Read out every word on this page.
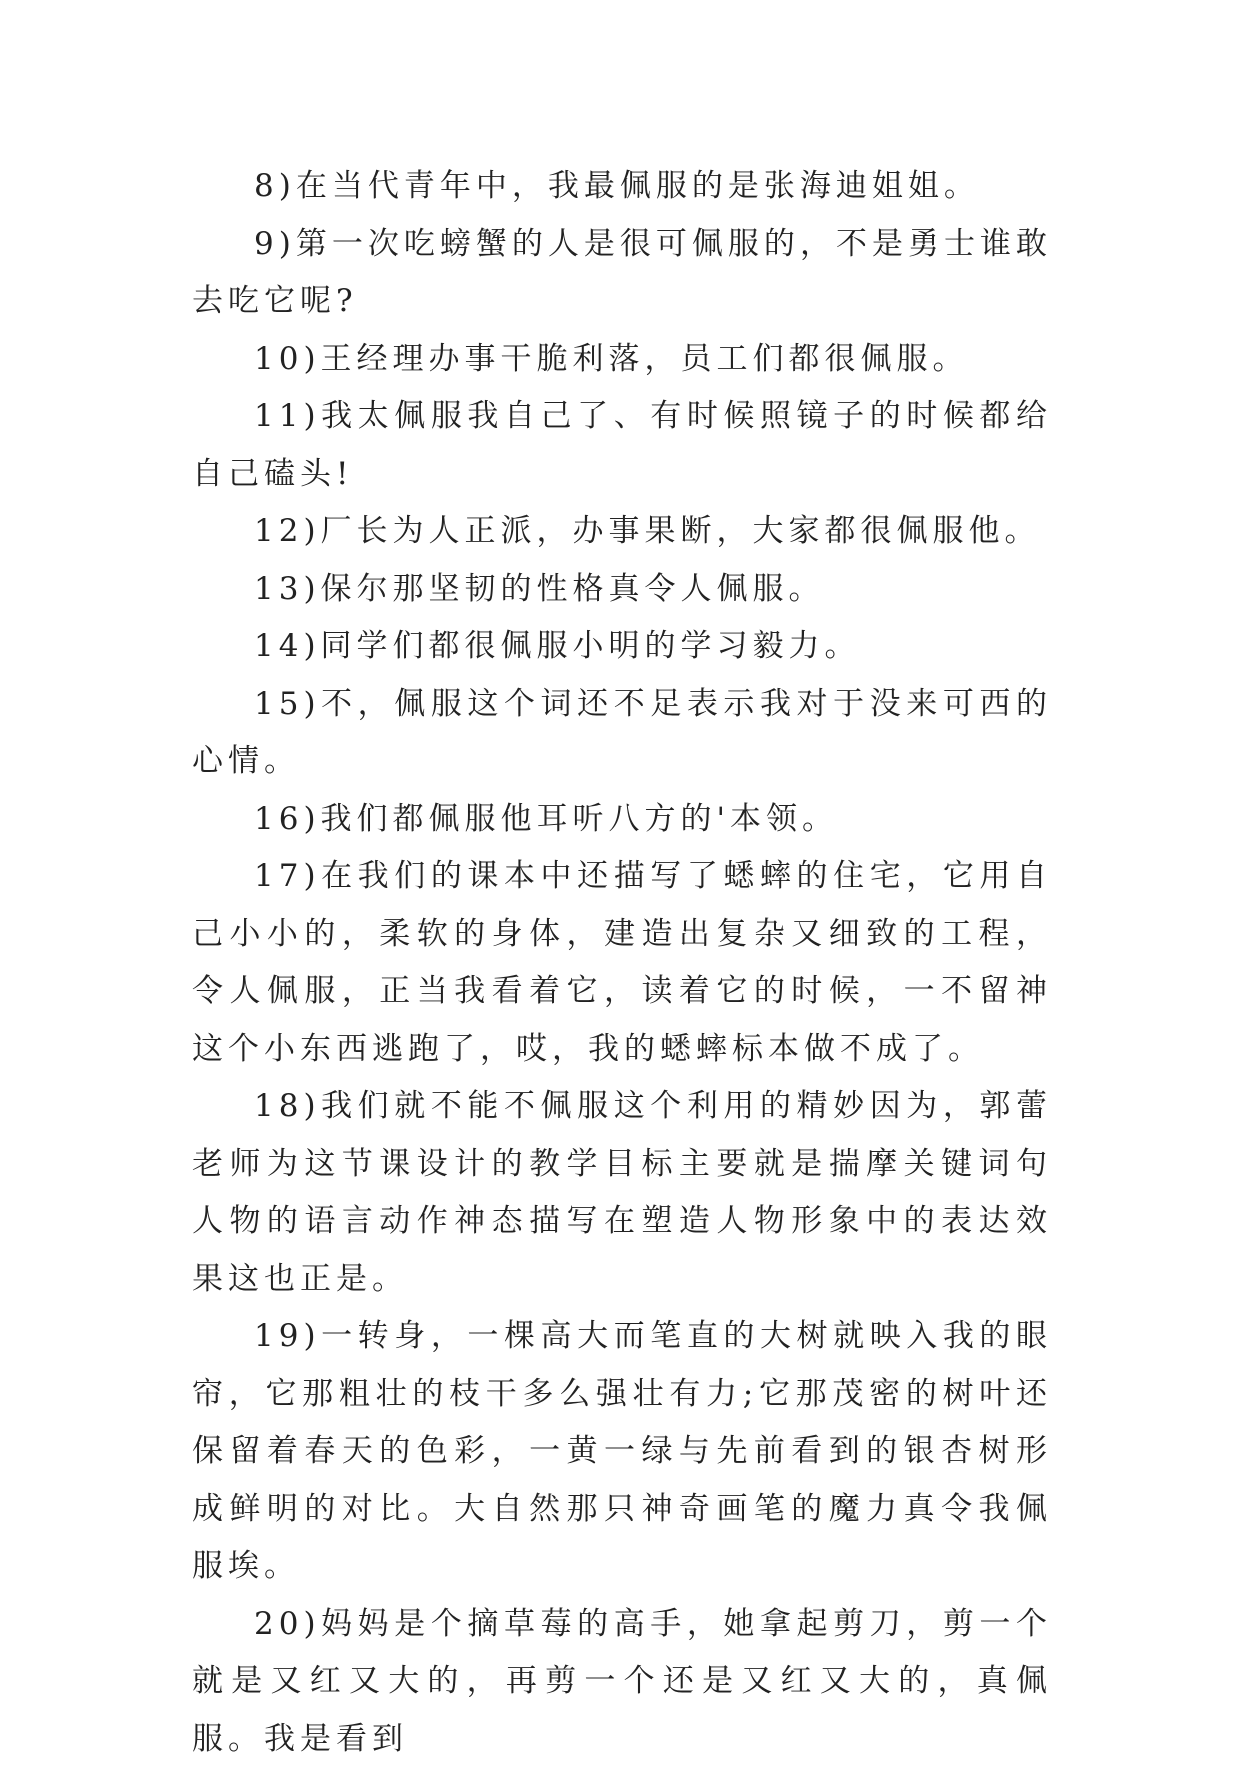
8)在当代青年中，我最佩服的是张海迪姐姐。

9)第一次吃螃蟹的人是很可佩服的，不是勇士谁敢去吃它呢?

10)王经理办事干脆利落，员工们都很佩服。

11)我太佩服我自己了、有时候照镜子的时候都给自己磕头!

12)厂长为人正派，办事果断，大家都很佩服他。

13)保尔那坚韧的性格真令人佩服。

14)同学们都很佩服小明的学习毅力。

15)不，佩服这个词还不足表示我对于没来可西的心情。

16)我们都佩服他耳听八方的'本领。

17)在我们的课本中还描写了蟋蟀的住宅，它用自己小小的，柔软的身体，建造出复杂又细致的工程，令人佩服，正当我看着它，读着它的时候，一不留神这个小东西逃跑了，哎，我的蟋蟀标本做不成了。

18)我们就不能不佩服这个利用的精妙因为，郭蕾老师为这节课设计的教学目标主要就是揣摩关键词句人物的语言动作神态描写在塑造人物形象中的表达效果这也正是。

19)一转身，一棵高大而笔直的大树就映入我的眼帘，它那粗壮的枝干多么强壮有力;它那茂密的树叶还保留着春天的色彩，一黄一绿与先前看到的银杏树形成鲜明的对比。大自然那只神奇画笔的魔力真令我佩服埃。

20)妈妈是个摘草莓的高手，她拿起剪刀，剪一个就是又红又大的，再剪一个还是又红又大的，真佩服。我是看到
